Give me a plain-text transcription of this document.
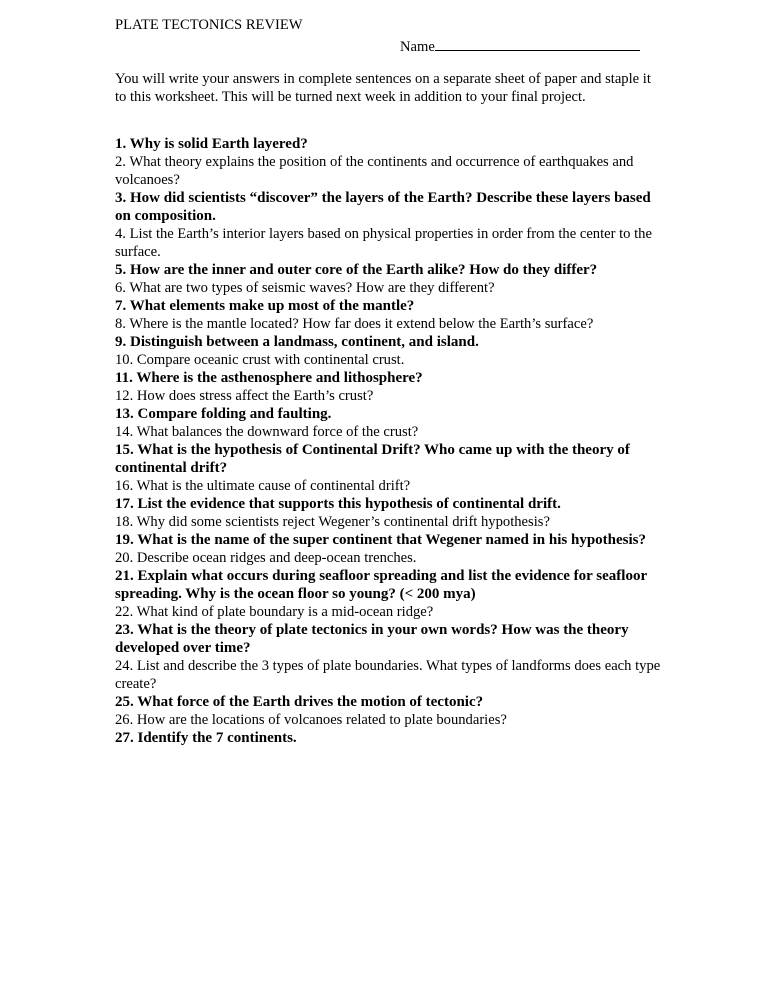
PLATE TECTONICS REVIEW

Name

You will write your answers in complete sentences on a separate sheet of paper and staple it to this worksheet. This will be turned next week in addition to your final project.

1. Why is solid Earth layered?
2. What theory explains the position of the continents and occurrence of earthquakes and volcanoes?
3. How did scientists “discover” the layers of the Earth? Describe these layers based on composition.
4. List the Earth’s interior layers based on physical properties in order from the center to the surface.
5. How are the inner and outer core of the Earth alike? How do they differ?
6. What are two types of seismic waves? How are they different?
7. What elements make up most of the mantle?
8. Where is the mantle located? How far does it extend below the Earth’s surface?
9. Distinguish between a landmass, continent, and island.
10. Compare oceanic crust with continental crust.
11. Where is the asthenosphere and lithosphere?
12. How does stress affect the Earth’s crust?
13. Compare folding and faulting.
14. What balances the downward force of the crust?
15. What is the hypothesis of Continental Drift? Who came up with the theory of continental drift?
16. What is the ultimate cause of continental drift?
17. List the evidence that supports this hypothesis of continental drift.
18. Why did some scientists reject Wegener’s continental drift hypothesis?
19. What is the name of the super continent that Wegener named in his hypothesis?
20. Describe ocean ridges and deep-ocean trenches.
21. Explain what occurs during seafloor spreading and list the evidence for seafloor spreading. Why is the ocean floor so young? (< 200 mya)
22. What kind of plate boundary is a mid-ocean ridge?
23. What is the theory of plate tectonics in your own words? How was the theory developed over time?
24. List and describe the 3 types of plate boundaries. What types of landforms does each type create?
25. What force of the Earth drives the motion of tectonic?
26. How are the locations of volcanoes related to plate boundaries?
27. Identify the 7 continents.
